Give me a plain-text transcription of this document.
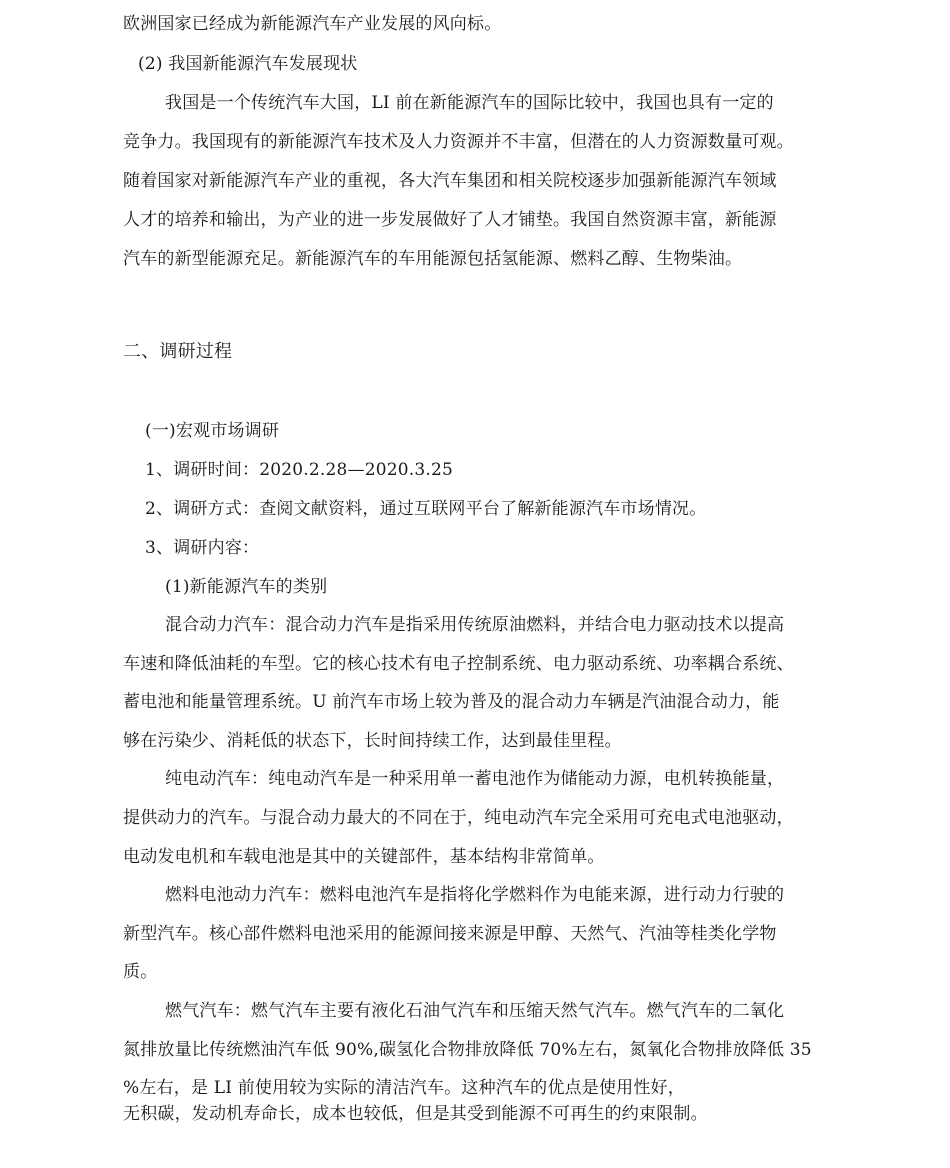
欧洲国家已经成为新能源汽车产业发展的风向标。
(2) 我国新能源汽车发展现状
我国是一个传统汽车大国，LI 前在新能源汽车的国际比较中，我国也具有一定的
竞争力。我国现有的新能源汽车技术及人力资源并不丰富，但潜在的人力资源数量可观。
随着国家对新能源汽车产业的重视，各大汽车集团和相关院校逐步加强新能源汽车领域
人才的培养和输出，为产业的进一步发展做好了人才铺垫。我国自然资源丰富，新能源
汽车的新型能源充足。新能源汽车的车用能源包括氢能源、燃料乙醇、生物柴油。
二、调研过程
(一)宏观市场调研
1、调研时间：2020.2.28—2020.3.25
2、调研方式：查阅文献资料，通过互联网平台了解新能源汽车市场情况。
3、调研内容：
(1)新能源汽车的类别
混合动力汽车：混合动力汽车是指采用传统原油燃料，并结合电力驱动技术以提高
车速和降低油耗的车型。它的核心技术有电子控制系统、电力驱动系统、功率耦合系统、
蓄电池和能量管理系统。U 前汽车市场上较为普及的混合动力车辆是汽油混合动力，能
够在污染少、消耗低的状态下，长时间持续工作，达到最佳里程。
纯电动汽车：纯电动汽车是一种采用单一蓄电池作为储能动力源，电机转换能量，
提供动力的汽车。与混合动力最大的不同在于，纯电动汽车完全采用可充电式电池驱动，
电动发电机和车载电池是其中的关键部件，基本结构非常简单。
燃料电池动力汽车：燃料电池汽车是指将化学燃料作为电能来源，进行动力行驶的
新型汽车。核心部件燃料电池采用的能源间接来源是甲醇、天然气、汽油等桂类化学物
质。
燃气汽车：燃气汽车主要有液化石油气汽车和压缩天然气汽车。燃气汽车的二氧化
氮排放量比传统燃油汽车低 90%,碳氢化合物排放降低 70%左右，氮氧化合物排放降低 35
%左右，是 LI 前使用较为实际的清洁汽车。这种汽车的优点是使用性好，
无积碳，发动机寿命长，成本也较低，但是其受到能源不可再生的约束限制。
